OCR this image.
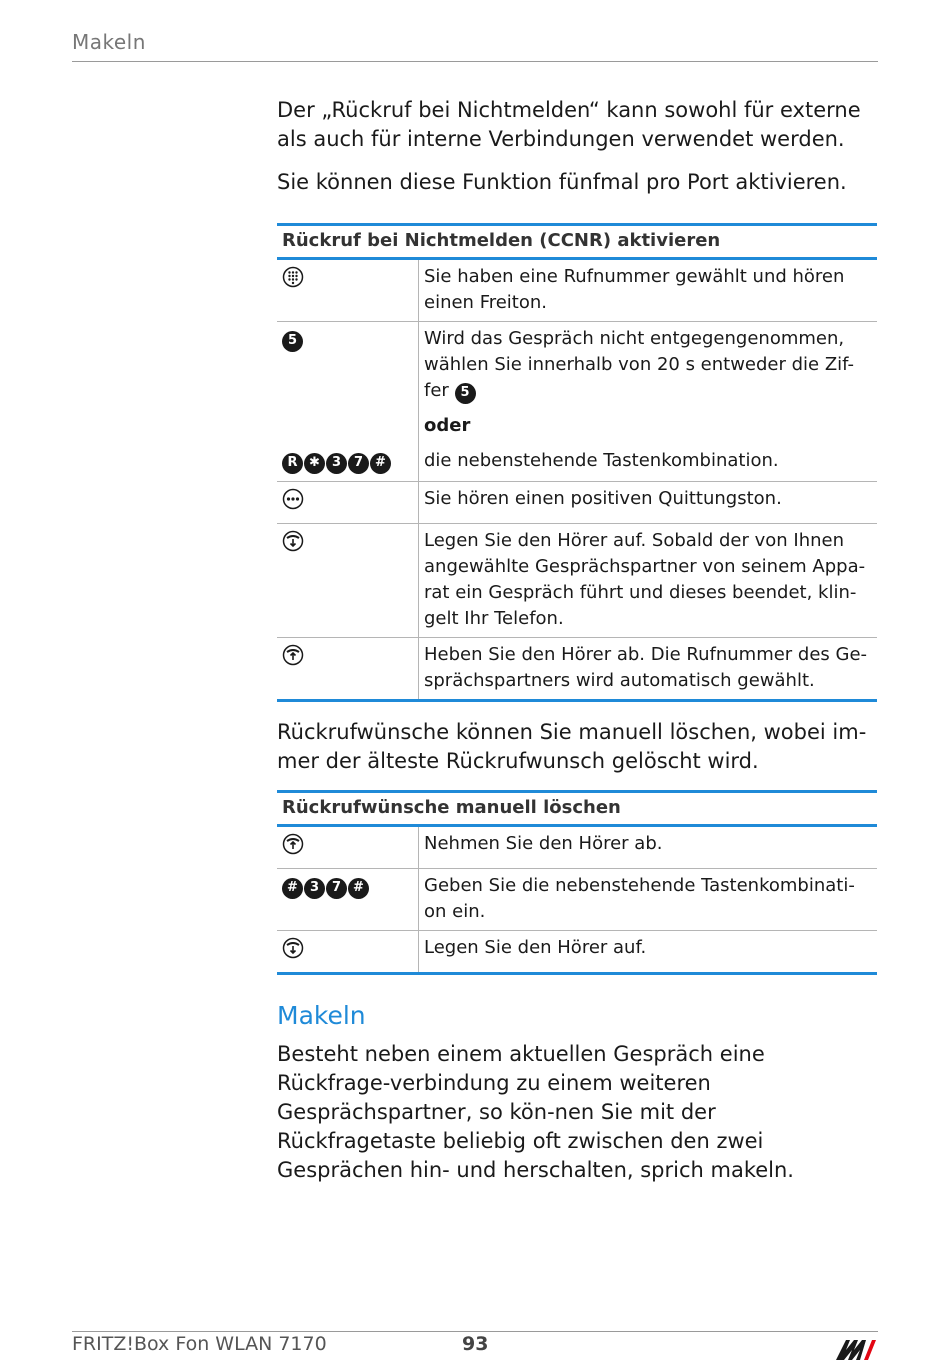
Makeln

Der „Rückruf bei Nichtmelden“ kann sowohl für externe als auch für interne Verbindungen verwendet werden.

Sie können diese Funktion fünfmal pro Port aktivieren.

Rückruf bei Nichtmelden (CCNR) aktivieren
	Sie haben eine Rufnummer gewählt und hören einen Freiton.

5	Wird das Gespräch nicht entgegengenommen, wählen Sie innerhalb von 20 s entweder die Zif-fer 5
	oder

R ✱ 3 7 #	die nebenstehende Tastenkombination.
	Sie hören einen positiven Quittungston.
	Legen Sie den Hörer auf. Sobald der von Ihnen angewählte Gesprächspartner von seinem Appa-rat ein Gespräch führt und dieses beendet, klin-gelt Ihr Telefon.
	Heben Sie den Hörer ab. Die Rufnummer des Ge-sprächspartners wird automatisch gewählt.

Rückrufwünsche können Sie manuell löschen, wobei im-mer der älteste Rückrufwunsch gelöscht wird.

Rückrufwünsche manuell löschen
	Nehmen Sie den Hörer ab.

# 3 7 #	Geben Sie die nebenstehende Tastenkombinati-on ein.
	Legen Sie den Hörer auf.
Makeln

Besteht neben einem aktuellen Gespräch eine Rückfrage-verbindung zu einem weiteren Gesprächspartner, so kön-nen Sie mit der Rückfragetaste beliebig oft zwischen den zwei Gesprächen hin- und herschalten, sprich makeln.

FRITZ!Box Fon WLAN 7170	93
